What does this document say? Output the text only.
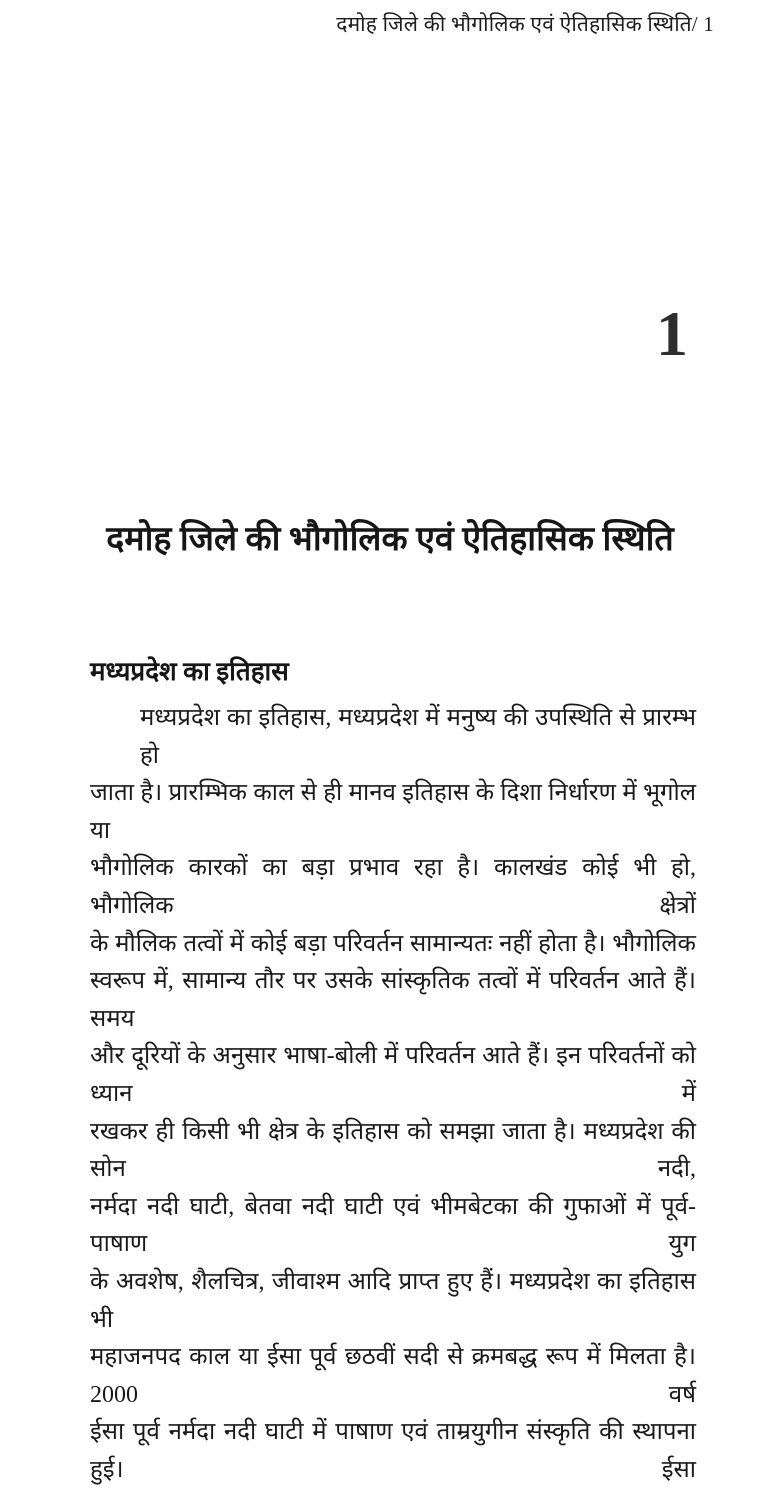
दमोह जिले की भौगोलिक एवं ऐतिहासिक स्थिति/ 1
1
दमोह जिले की भौगोलिक एवं ऐतिहासिक स्थिति
मध्यप्रदेश का इतिहास
मध्यप्रदेश का इतिहास, मध्यप्रदेश में मनुष्य की उपस्थिति से प्रारम्भ हो
जाता है। प्रारम्भिक काल से ही मानव इतिहास के दिशा निर्धारण में भूगोल या
भौगोलिक कारकों का बड़ा प्रभाव रहा है। कालखंड कोई भी हो, भौगोलिक क्षेत्रों
के मौलिक तत्वों में कोई बड़ा परिवर्तन सामान्यतः नहीं होता है। भौगोलिक
स्वरूप में, सामान्य तौर पर उसके सांस्कृतिक तत्वों में परिवर्तन आते हैं। समय
और दूरियों के अनुसार भाषा-बोली में परिवर्तन आते हैं। इन परिवर्तनों को ध्यान में
रखकर ही किसी भी क्षेत्र के इतिहास को समझा जाता है। मध्यप्रदेश की सोन नदी,
नर्मदा नदी घाटी, बेतवा नदी घाटी एवं भीमबेटका की गुफाओं में पूर्व-पाषाण युग
के अवशेष, शैलचित्र, जीवाश्म आदि प्राप्त हुए हैं। मध्यप्रदेश का इतिहास भी
महाजनपद काल या ईसा पूर्व छठवीं सदी से क्रमबद्ध रूप में मिलता है। 2000 वर्ष
ईसा पूर्व नर्मदा नदी घाटी में पाषाण एवं ताम्रयुगीन संस्कृति की स्थापना हुई। ईसा
